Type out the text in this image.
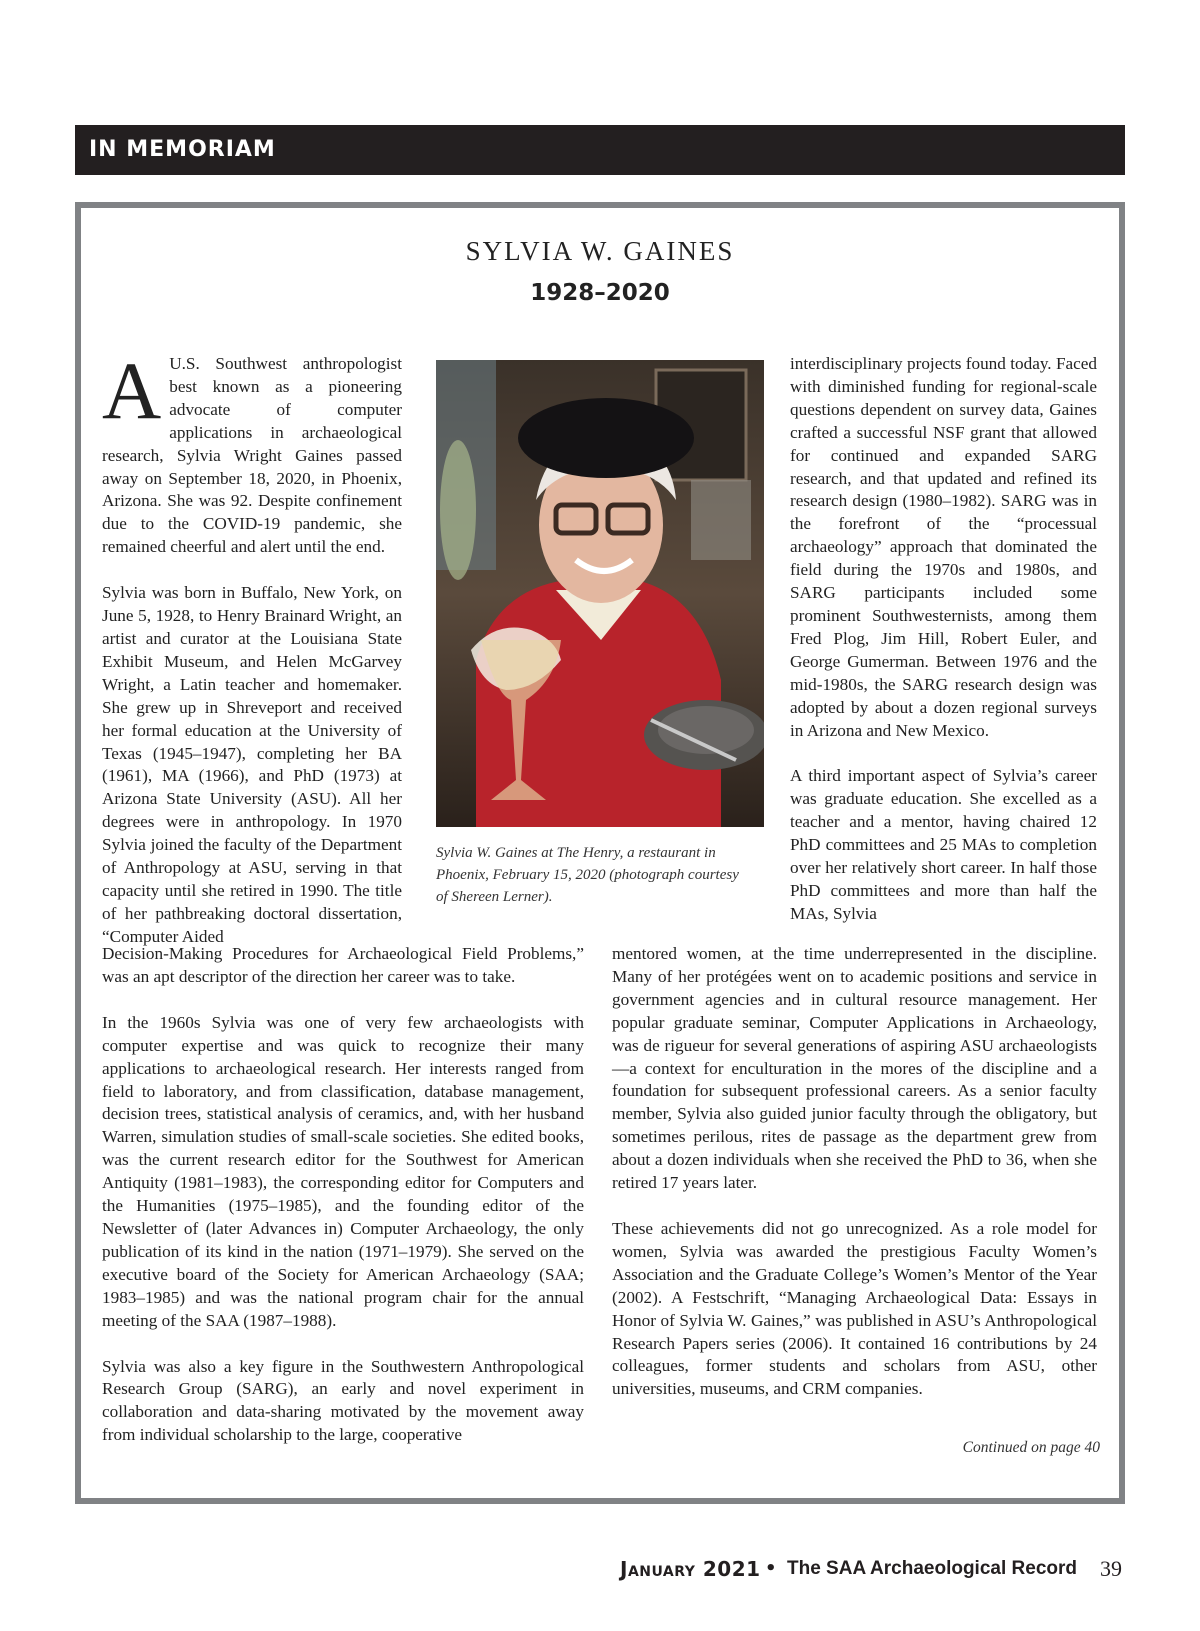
IN MEMORIAM
SYLVIA W. GAINES
1928–2020

A U.S. Southwest anthropologist best known as a pioneering advocate of computer applications in archaeological research, Sylvia Wright Gaines passed away on September 18, 2020, in Phoenix, Arizona. She was 92. Despite confinement due to the COVID-19 pandemic, she remained cheerful and alert until the end.

Sylvia was born in Buffalo, New York, on June 5, 1928, to Henry Brainard Wright, an artist and curator at the Louisiana State Exhibit Museum, and Helen McGarvey Wright, a Latin teacher and homemaker. She grew up in Shreveport and received her formal education at the University of Texas (1945–1947), completing her BA (1961), MA (1966), and PhD (1973) at Arizona State University (ASU). All her degrees were in anthropology. In 1970 Sylvia joined the faculty of the Department of Anthropology at ASU, serving in that capacity until she retired in 1990. The title of her pathbreaking doctoral dissertation, “Computer Aided

Decision-Making Procedures for Archaeological Field Problems,” was an apt descriptor of the direction her career was to take.

In the 1960s Sylvia was one of very few archaeologists with computer expertise and was quick to recognize their many applications to archaeological research. Her interests ranged from field to laboratory, and from classification, database management, decision trees, statistical analysis of ceramics, and, with her husband Warren, simulation studies of small-scale societies. She edited books, was the current research editor for the Southwest for American Antiquity (1981–1983), the corresponding editor for Computers and the Humanities (1975–1985), and the founding editor of the Newsletter of (later Advances in) Computer Archaeology, the only publication of its kind in the nation (1971–1979). She served on the executive board of the Society for American Archaeology (SAA; 1983–1985) and was the national program chair for the annual meeting of the SAA (1987–1988).

Sylvia was also a key figure in the Southwestern Anthropological Research Group (SARG), an early and novel experiment in collaboration and data-sharing motivated by the movement away from individual scholarship to the large, cooperative

Sylvia W. Gaines at The Henry, a restaurant in Phoenix, February 15, 2020 (photograph courtesy of Shereen Lerner).

interdisciplinary projects found today. Faced with diminished funding for regional-scale questions dependent on survey data, Gaines crafted a successful NSF grant that allowed for continued and expanded SARG research, and that updated and refined its research design (1980–1982). SARG was in the forefront of the “processual archaeology” approach that dominated the field during the 1970s and 1980s, and SARG participants included some prominent Southwesternists, among them Fred Plog, Jim Hill, Robert Euler, and George Gumerman. Between 1976 and the mid-1980s, the SARG research design was adopted by about a dozen regional surveys in Arizona and New Mexico.

A third important aspect of Sylvia’s career was graduate education. She excelled as a teacher and a mentor, having chaired 12 PhD committees and 25 MAs to completion over her relatively short career. In half those PhD committees and more than half the MAs, Sylvia

mentored women, at the time underrepresented in the discipline. Many of her protégées went on to academic positions and service in government agencies and in cultural resource management. Her popular graduate seminar, Computer Applications in Archaeology, was de rigueur for several generations of aspiring ASU archaeologists—a context for enculturation in the mores of the discipline and a foundation for subsequent professional careers. As a senior faculty member, Sylvia also guided junior faculty through the obligatory, but sometimes perilous, rites de passage as the department grew from about a dozen individuals when she received the PhD to 36, when she retired 17 years later.

These achievements did not go unrecognized. As a role model for women, Sylvia was awarded the prestigious Faculty Women’s Association and the Graduate College’s Women’s Mentor of the Year (2002). A Festschrift, “Managing Archaeological Data: Essays in Honor of Sylvia W. Gaines,” was published in ASU’s Anthropological Research Papers series (2006). It contained 16 contributions by 24 colleagues, former students and scholars from ASU, other universities, museums, and CRM companies.

Continued on page 40
January 2021 • The SAA Archaeological Record 39
